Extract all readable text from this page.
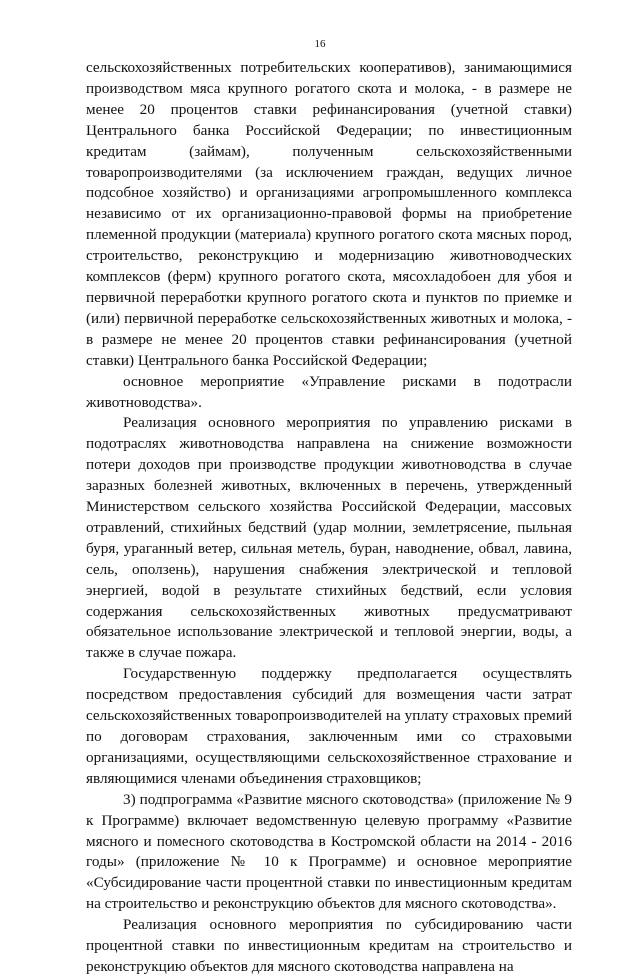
16

сельскохозяйственных потребительских кооперативов), занимающимися производством мяса крупного рогатого скота и молока, - в размере не менее 20 процентов ставки рефинансирования (учетной ставки) Центрального банка Российской Федерации; по инвестиционным кредитам (займам), полученным сельскохозяйственными товаропроизводителями (за исключением граждан, ведущих личное подсобное хозяйство) и организациями агропромышленного комплекса независимо от их организационно-правовой формы на приобретение племенной продукции (материала) крупного рогатого скота мясных пород, строительство, реконструкцию и модернизацию животноводческих комплексов (ферм) крупного рогатого скота, мясохладобоен для убоя и первичной переработки крупного рогатого скота и пунктов по приемке и (или) первичной переработке сельскохозяйственных животных и молока, - в размере не менее 20 процентов ставки рефинансирования (учетной ставки) Центрального банка Российской Федерации;

основное мероприятие «Управление рисками в подотрасли животноводства».

Реализация основного мероприятия по управлению рисками в подотраслях животноводства направлена на снижение возможности потери доходов при производстве продукции животноводства в случае заразных болезней животных, включенных в перечень, утвержденный Министерством сельского хозяйства Российской Федерации, массовых отравлений, стихийных бедствий (удар молнии, землетрясение, пыльная буря, ураганный ветер, сильная метель, буран, наводнение, обвал, лавина, сель, оползень), нарушения снабжения электрической и тепловой энергией, водой в результате стихийных бедствий, если условия содержания сельскохозяйственных животных предусматривают обязательное использование электрической и тепловой энергии, воды, а также в случае пожара.

Государственную поддержку предполагается осуществлять посредством предоставления субсидий для возмещения части затрат сельскохозяйственных товаропроизводителей на уплату страховых премий по договорам страхования, заключенным ими со страховыми организациями, осуществляющими сельскохозяйственное страхование и являющимися членами объединения страховщиков;

3) подпрограмма «Развитие мясного скотоводства» (приложение № 9 к Программе) включает ведомственную целевую программу «Развитие мясного и помесного скотоводства в Костромской области на 2014 - 2016 годы» (приложение № 10 к Программе) и основное мероприятие «Субсидирование части процентной ставки по инвестиционным кредитам на строительство и реконструкцию объектов для мясного скотоводства».

Реализация основного мероприятия по субсидированию части процентной ставки по инвестиционным кредитам на строительство и реконструкцию объектов для мясного скотоводства направлена на
